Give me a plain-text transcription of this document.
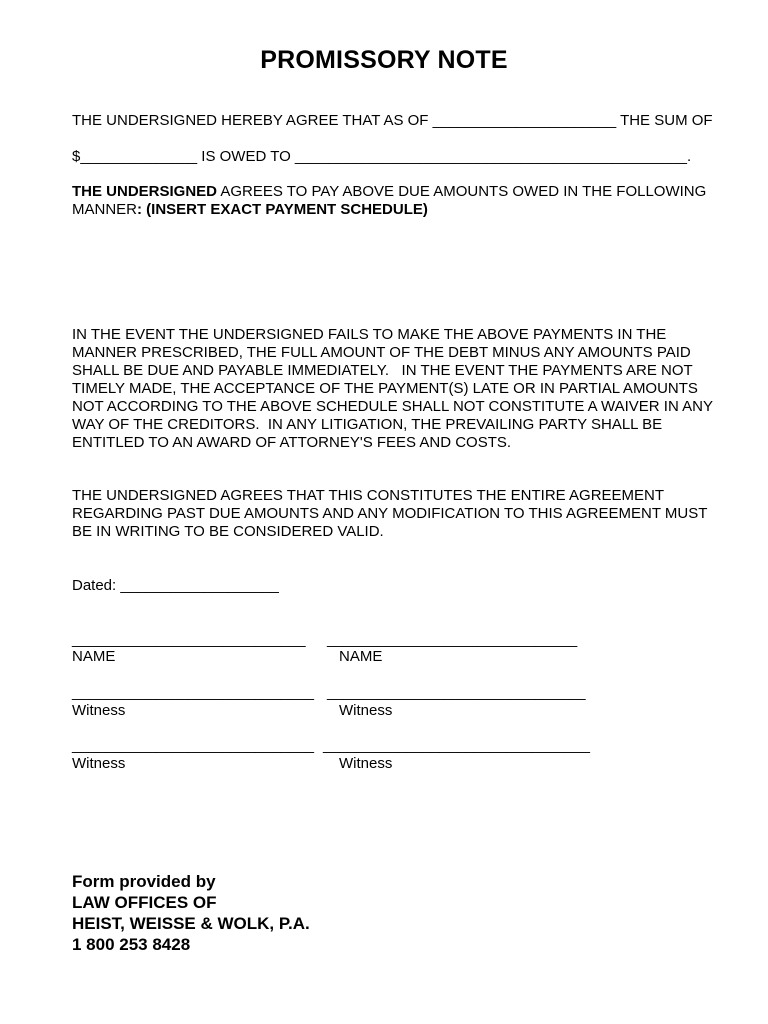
PROMISSORY NOTE
THE UNDERSIGNED HEREBY AGREE THAT AS OF ______________________ THE SUM OF
$______________ IS OWED TO _______________________________________________.
THE UNDERSIGNED AGREES TO PAY ABOVE DUE AMOUNTS OWED IN THE FOLLOWING
MANNER: (INSERT EXACT PAYMENT SCHEDULE)
IN THE EVENT THE UNDERSIGNED FAILS TO MAKE THE ABOVE PAYMENTS IN THE
MANNER PRESCRIBED, THE FULL AMOUNT OF THE DEBT MINUS ANY AMOUNTS PAID
SHALL BE DUE AND PAYABLE IMMEDIATELY.   IN THE EVENT THE PAYMENTS ARE NOT
TIMELY MADE, THE ACCEPTANCE OF THE PAYMENT(S) LATE OR IN PARTIAL AMOUNTS
NOT ACCORDING TO THE ABOVE SCHEDULE SHALL NOT CONSTITUTE A WAIVER IN ANY
WAY OF THE CREDITORS.  IN ANY LITIGATION, THE PREVAILING PARTY SHALL BE
ENTITLED TO AN AWARD OF ATTORNEY'S FEES AND COSTS.
THE UNDERSIGNED AGREES THAT THIS CONSTITUTES THE ENTIRE AGREEMENT
REGARDING PAST DUE AMOUNTS AND ANY MODIFICATION TO THIS AGREEMENT MUST
BE IN WRITING TO BE CONSIDERED VALID.
Dated: ___________________
____________________________ ______________________________
NAME	NAME
_____________________________ _______________________________
Witness	Witness
_____________________________ ________________________________
Witness	Witness
Form provided by
LAW OFFICES OF
HEIST, WEISSE & WOLK, P.A.
1 800 253 8428
